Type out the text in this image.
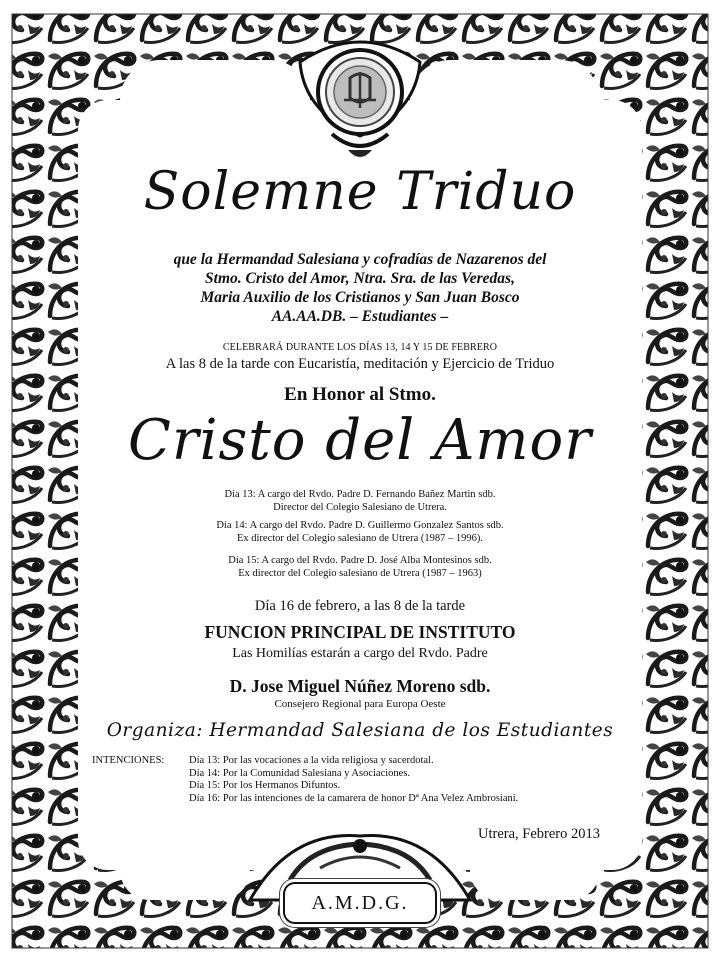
Solemne Triduo
que la Hermandad Salesiana y cofradías de Nazarenos del
Stmo. Cristo del Amor, Ntra. Sra. de las Veredas,
Maria Auxilio de los Cristianos y San Juan Bosco
AA.AA.DB. – Estudiantes –
CELEBRARÁ DURANTE LOS DÍAS 13, 14 Y 15 DE FEBRERO
A las 8 de la tarde con Eucaristía, meditación y Ejercicio de Triduo
En Honor al Stmo.
Cristo del Amor
Día 13: A cargo del Rvdo. Padre D. Fernando Bañez Martin sdb.
Director del Colegio Salesiano de Utrera.
Día 14: A cargo del Rvdo. Padre D. Guillermo Gonzalez Santos sdb.
Ex director del Colegio salesiano de Utrera (1987 – 1996).
Día 15: A cargo del Rvdo. Padre D. José Alba Montesinos sdb.
Ex director del Colegio salesiano de Utrera (1987 – 1963)
Día 16 de febrero, a las 8 de la tarde
FUNCION PRINCIPAL DE INSTITUTO
Las Homilías estarán a cargo del Rvdo. Padre
D. Jose Miguel Núñez Moreno sdb.
Consejero Regional para Europa Oeste
Organiza: Hermandad Salesiana de los Estudiantes
INTENCIONES: Día 13: Por las vocaciones a la vida religiosa y sacerdotal.
Día 14: Por la Comunidad Salesiana y Asociaciones.
Día 15: Por los Hermanos Difuntos.
Día 16: Por las intenciones de la camarera de honor Dª Ana Velez Ambrosiani.
Utrera, Febrero 2013
A.M.D.G.
